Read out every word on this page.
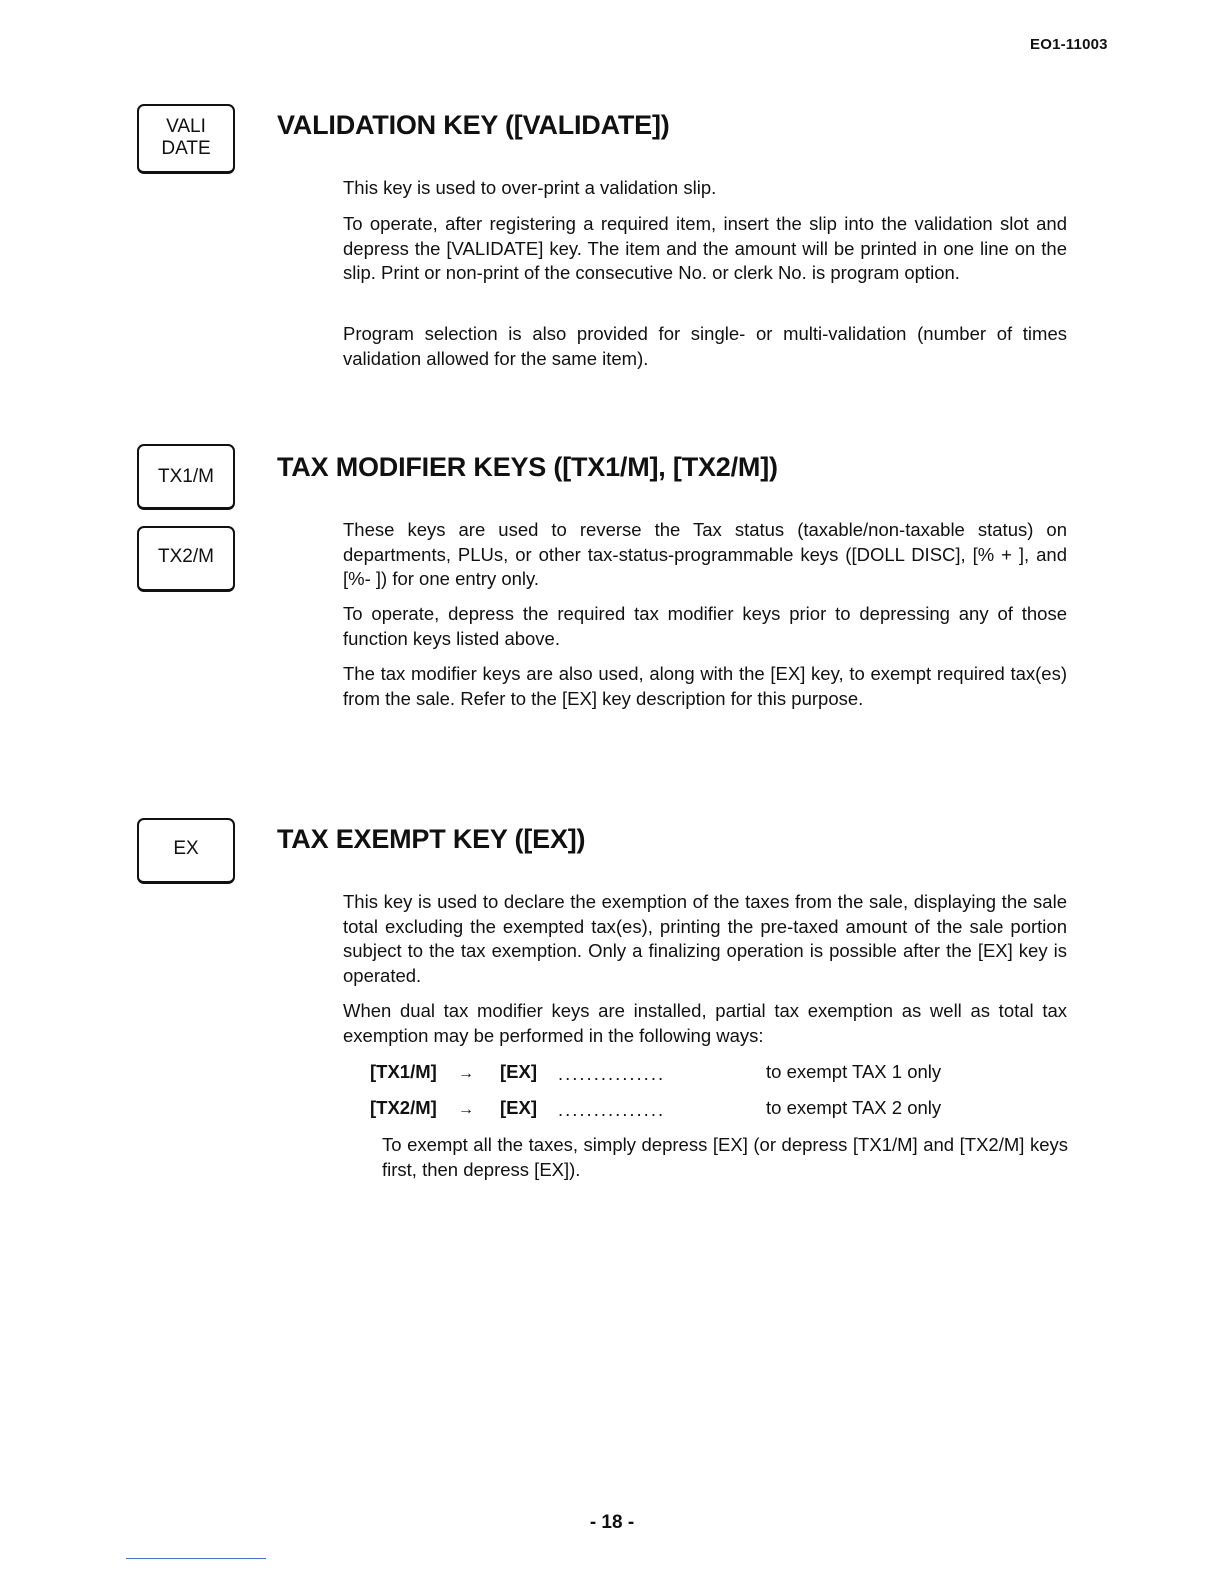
EO1-11003
VALI
DATE
VALIDATION KEY ([VALIDATE])

This key is used to over-print a validation slip.

To operate, after registering a required item, insert the slip into the validation slot and depress the [VALIDATE] key. The item and the amount will be printed in one line on the slip. Print or non-print of the consecutive No. or clerk No. is program option.

Program selection is also provided for single- or multi-validation (number of times validation allowed for the same item).

TX1/M
TX2/M
TAX MODIFIER KEYS ([TX1/M], [TX2/M])

These keys are used to reverse the Tax status (taxable/non-taxable status) on departments, PLUs, or other tax-status-programmable keys ([DOLL DISC], [% + ], and [%- ]) for one entry only.

To operate, depress the required tax modifier keys prior to depressing any of those function keys listed above.

The tax modifier keys are also used, along with the [EX] key, to exempt required tax(es) from the sale. Refer to the [EX] key description for this purpose.

EX	TAX EXEMPT KEY ([EX])

This key is used to declare the exemption of the taxes from the sale, displaying the sale total excluding the exempted tax(es), printing the pre-taxed amount of the sale portion subject to the tax exemption. Only a finalizing operation is possible after the [EX] key is operated.

When dual tax modifier keys are installed, partial tax exemption as well as total tax exemption may be performed in the following ways:

[TX1/M] → [EX] ...............	to exempt TAX 1 only

[TX2/M] → [EX] ...............	to exempt TAX 2 only

To exempt all the taxes, simply depress [EX] (or depress [TX1/M] and [TX2/M] keys first, then depress [EX]).

- 18 -
